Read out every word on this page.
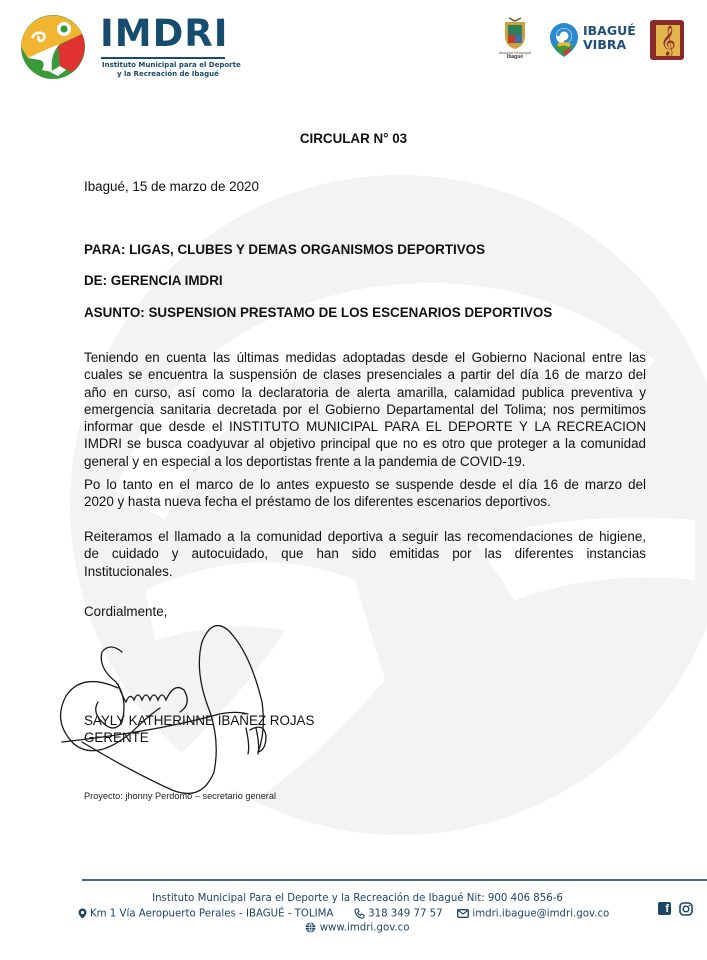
IMDRI
Instituto Municipal para el Deporte
y la Recreación de Ibagué
Alcaldía Municipal
Ibagué
IBAGUÉ
VIBRA	𝄞
CIRCULAR N° 03
Ibagué, 15 de marzo de 2020
PARA: LIGAS, CLUBES Y DEMAS ORGANISMOS DEPORTIVOS
DE: GERENCIA IMDRI
ASUNTO: SUSPENSION PRESTAMO DE LOS ESCENARIOS DEPORTIVOS
Teniendo en cuenta las últimas medidas adoptadas desde el Gobierno Nacional entre las
cuales se encuentra la suspensión de clases presenciales a partir del día 16 de marzo del
año en curso, así como la declaratoria de alerta amarilla, calamidad publica preventiva y
emergencia sanitaria decretada por el Gobierno Departamental del Tolima; nos permitimos
informar que desde el INSTITUTO MUNICIPAL PARA EL DEPORTE Y LA RECREACION
IMDRI se busca coadyuvar al objetivo principal que no es otro que proteger a la comunidad
general y en especial a los deportistas frente a la pandemia de COVID-19.
Po lo tanto en el marco de lo antes expuesto se suspende desde el día 16 de marzo del
2020 y hasta nueva fecha el préstamo de los diferentes escenarios deportivos.
Reiteramos el llamado a la comunidad deportiva a seguir las recomendaciones de higiene,
de cuidado y autocuidado, que han sido emitidas por las diferentes instancias
Institucionales.
Cordialmente,
SAYLY KATHERINNE IBAÑEZ ROJAS
GERENTE
Proyecto: jhonny Perdomo – secretario general
Instituto Municipal Para el Deporte y la Recreación de Ibagué Nit: 900 406 856-6
Km 1 Vía Aeropuerto Perales - IBAGUÉ - TOLIMA	318 349 77 57	imdri.ibague@imdri.gov.co
www.imdri.gov.co
f
